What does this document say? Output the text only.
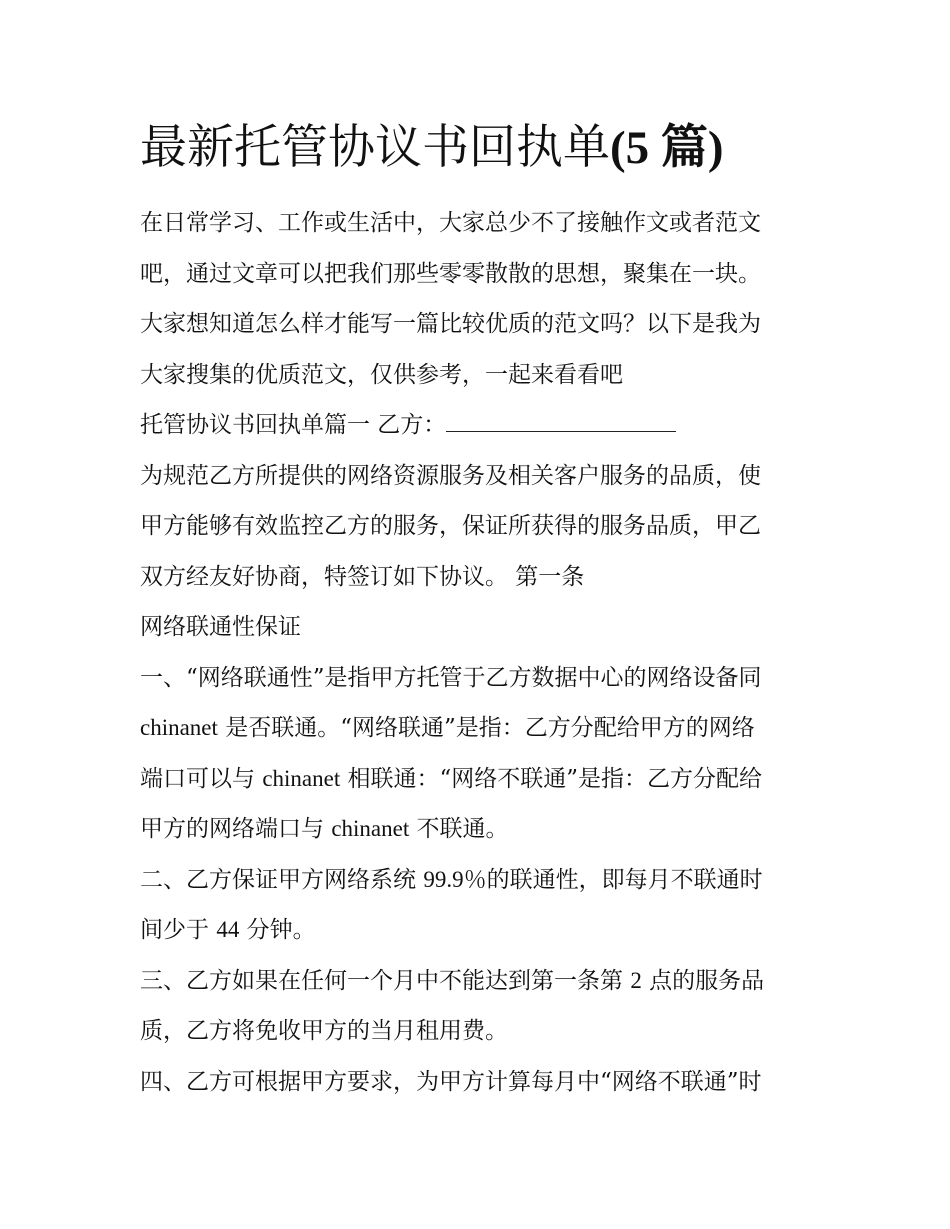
最新托管协议书回执单(5 篇)
在日常学习、工作或生活中，大家总少不了接触作文或者范文
吧，通过文章可以把我们那些零零散散的思想，聚集在一块。
大家想知道怎么样才能写一篇比较优质的范文吗？以下是我为
大家搜集的优质范文，仅供参考，一起来看看吧
托管协议书回执单篇一 乙方：
为规范乙方所提供的网络资源服务及相关客户服务的品质，使
甲方能够有效监控乙方的服务，保证所获得的服务品质，甲乙
双方经友好协商，特签订如下协议。 第一条
网络联通性保证
一、“网络联通性”是指甲方托管于乙方数据中心的网络设备同
chinanet 是否联通。“网络联通”是指：乙方分配给甲方的网络
端口可以与 chinanet 相联通：“网络不联通”是指：乙方分配给
甲方的网络端口与 chinanet 不联通。
二、乙方保证甲方网络系统 99.9％的联通性，即每月不联通时
间少于 44 分钟。
三、乙方如果在任何一个月中不能达到第一条第 2 点的服务品
质，乙方将免收甲方的当月租用费。
四、乙方可根据甲方要求，为甲方计算每月中“网络不联通”时
